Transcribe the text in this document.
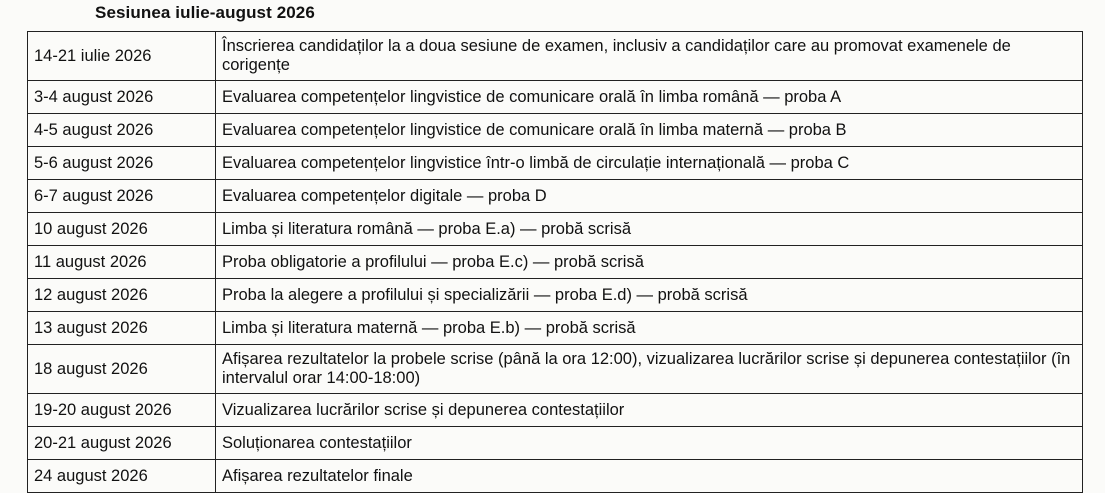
Sesiunea iulie-august 2026
14-21 iulie 2026	Înscrierea candidaților la a doua sesiune de examen, inclusiv a candidaților care au promovat examenele de corigențe
3-4 august 2026	Evaluarea competențelor lingvistice de comunicare orală în limba română — proba A
4-5 august 2026	Evaluarea competențelor lingvistice de comunicare orală în limba maternă — proba B
5-6 august 2026	Evaluarea competențelor lingvistice într-o limbă de circulație internațională — proba C
6-7 august 2026	Evaluarea competențelor digitale — proba D
10 august 2026	Limba și literatura română — proba E.a) — probă scrisă
11 august 2026	Proba obligatorie a profilului — proba E.c) — probă scrisă
12 august 2026	Proba la alegere a profilului și specializării — proba E.d) — probă scrisă
13 august 2026	Limba și literatura maternă — proba E.b) — probă scrisă
18 august 2026	Afișarea rezultatelor la probele scrise (până la ora 12:00), vizualizarea lucrărilor scrise și depunerea contestațiilor (în intervalul orar 14:00-18:00)
19-20 august 2026	Vizualizarea lucrărilor scrise și depunerea contestațiilor
20-21 august 2026	Soluționarea contestațiilor
24 august 2026	Afișarea rezultatelor finale
